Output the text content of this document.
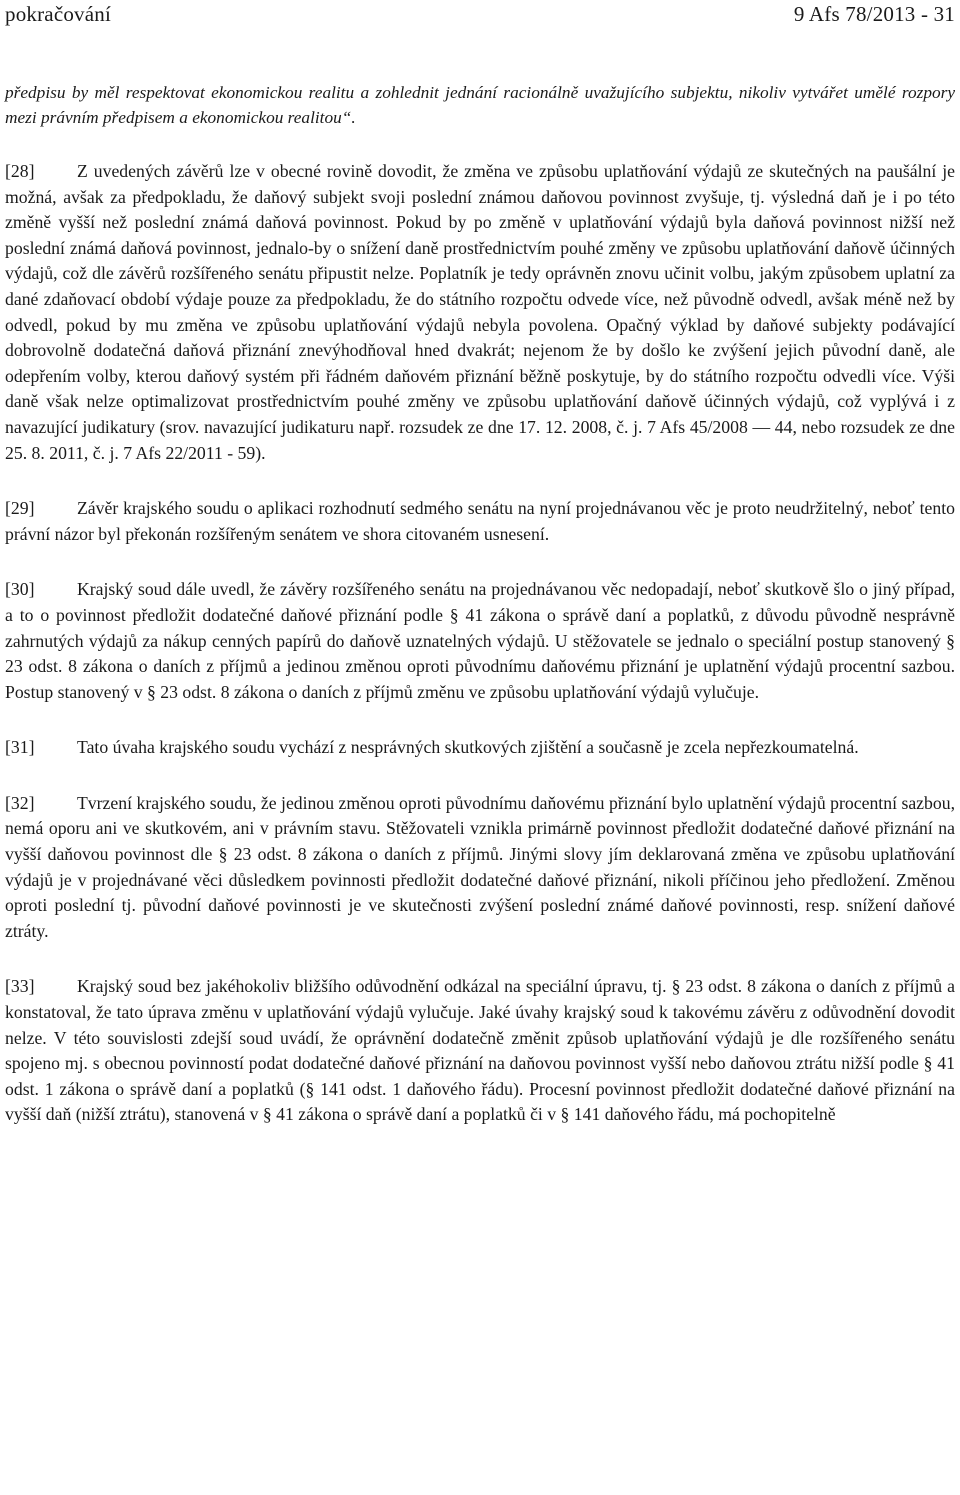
pokračování	9 Afs 78/2013 - 31
předpisu by měl respektovat ekonomickou realitu a zohlednit jednání racionálně uvažujícího subjektu, nikoliv vytvářet umělé rozpory mezi právním předpisem a ekonomickou realitou“.

[28] Z uvedených závěrů lze v obecné rovině dovodit, že změna ve způsobu uplatňování výdajů ze skutečných na paušální je možná, avšak za předpokladu, že daňový subjekt svoji poslední známou daňovou povinnost zvyšuje, tj. výsledná daň je i po této změně vyšší než poslední známá daňová povinnost. Pokud by po změně v uplatňování výdajů byla daňová povinnost nižší než poslední známá daňová povinnost, jednalo-by o snížení daně prostřednictvím pouhé změny ve způsobu uplatňování daňově účinných výdajů, což dle závěrů rozšířeného senátu připustit nelze. Poplatník je tedy oprávněn znovu učinit volbu, jakým způsobem uplatní za dané zdaňovací období výdaje pouze za předpokladu, že do státního rozpočtu odvede více, než původně odvedl, avšak méně než by odvedl, pokud by mu změna ve způsobu uplatňování výdajů nebyla povolena. Opačný výklad by daňové subjekty podávající dobrovolně dodatečná daňová přiznání znevýhodňoval hned dvakrát; nejenom že by došlo ke zvýšení jejich původní daně, ale odepřením volby, kterou daňový systém při řádném daňovém přiznání běžně poskytuje, by do státního rozpočtu odvedli více. Výši daně však nelze optimalizovat prostřednictvím pouhé změny ve způsobu uplatňování daňově účinných výdajů, což vyplývá i z navazující judikatury (srov. navazující judikaturu např. rozsudek ze dne 17. 12. 2008, č. j. 7 Afs 45/2008 — 44, nebo rozsudek ze dne 25. 8. 2011, č. j. 7 Afs 22/2011 - 59).

[29] Závěr krajského soudu o aplikaci rozhodnutí sedmého senátu na nyní projednávanou věc je proto neudržitelný, neboť tento právní názor byl překonán rozšířeným senátem ve shora citovaném usnesení.

[30] Krajský soud dále uvedl, že závěry rozšířeného senátu na projednávanou věc nedopadají, neboť skutkově šlo o jiný případ, a to o povinnost předložit dodatečné daňové přiznání podle § 41 zákona o správě daní a poplatků, z důvodu původně nesprávně zahrnutých výdajů za nákup cenných papírů do daňově uznatelných výdajů. U stěžovatele se jednalo o speciální postup stanovený § 23 odst. 8 zákona o daních z příjmů a jedinou změnou oproti původnímu daňovému přiznání je uplatnění výdajů procentní sazbou. Postup stanovený v § 23 odst. 8 zákona o daních z příjmů změnu ve způsobu uplatňování výdajů vylučuje.

[31] Tato úvaha krajského soudu vychází z nesprávných skutkových zjištění a současně je zcela nepřezkoumatelná.

[32] Tvrzení krajského soudu, že jedinou změnou oproti původnímu daňovému přiznání bylo uplatnění výdajů procentní sazbou, nemá oporu ani ve skutkovém, ani v právním stavu. Stěžovateli vznikla primárně povinnost předložit dodatečné daňové přiznání na vyšší daňovou povinnost dle § 23 odst. 8 zákona o daních z příjmů. Jinými slovy jím deklarovaná změna ve způsobu uplatňování výdajů je v projednávané věci důsledkem povinnosti předložit dodatečné daňové přiznání, nikoli příčinou jeho předložení. Změnou oproti poslední tj. původní daňové povinnosti je ve skutečnosti zvýšení poslední známé daňové povinnosti, resp. snížení daňové ztráty.

[33] Krajský soud bez jakéhokoliv bližšího odůvodnění odkázal na speciální úpravu, tj. § 23 odst. 8 zákona o daních z příjmů a konstatoval, že tato úprava změnu v uplatňování výdajů vylučuje. Jaké úvahy krajský soud k takovému závěru z odůvodnění dovodit nelze. V této souvislosti zdejší soud uvádí, že oprávnění dodatečně změnit způsob uplatňování výdajů je dle rozšířeného senátu spojeno mj. s obecnou povinností podat dodatečné daňové přiznání na daňovou povinnost vyšší nebo daňovou ztrátu nižší podle § 41 odst. 1 zákona o správě daní a poplatků (§ 141 odst. 1 daňového řádu). Procesní povinnost předložit dodatečné daňové přiznání na vyšší daň (nižší ztrátu), stanovená v § 41 zákona o správě daní a poplatků či v § 141 daňového řádu, má pochopitelně
